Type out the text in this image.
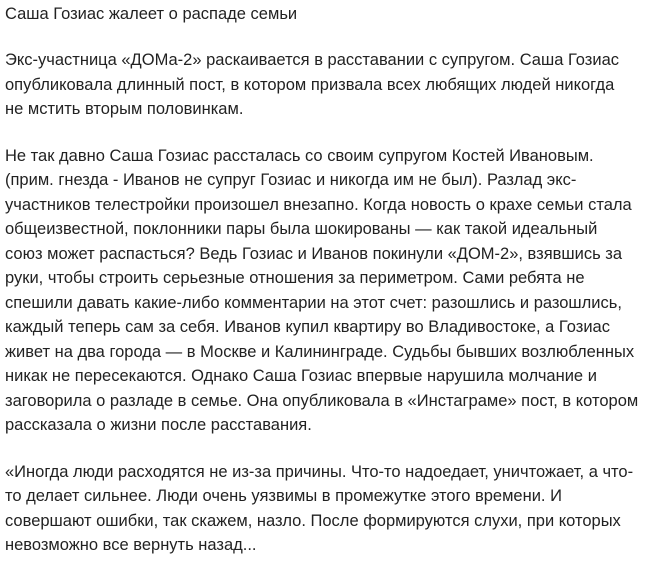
Саша Гозиас жалеет о распаде семьи

Экс-участница «ДОМа-2» раскаивается в расставании с супругом. Саша Гозиас
опубликовала длинный пост, в котором призвала всех любящих людей никогда
не мстить вторым половинкам.

Не так давно Саша Гозиас рассталась со своим супругом Костей Ивановым.
(прим. гнезда - Иванов не супруг Гозиас и никогда им не был). Разлад экс-
участников телестройки произошел внезапно. Когда новость о крахе семьи стала
общеизвестной, поклонники пары была шокированы — как такой идеальный
союз может распасться? Ведь Гозиас и Иванов покинули «ДОМ-2», взявшись за
руки, чтобы строить серьезные отношения за периметром. Сами ребята не
спешили давать какие-либо комментарии на этот счет: разошлись и разошлись,
каждый теперь сам за себя. Иванов купил квартиру во Владивостоке, а Гозиас
живет на два города — в Москве и Калининграде. Судьбы бывших возлюбленных
никак не пересекаются. Однако Саша Гозиас впервые нарушила молчание и
заговорила о разладе в семье. Она опубликовала в «Инстаграме» пост, в котором
рассказала о жизни после расставания.

«Иногда люди расходятся не из-за причины. Что-то надоедает, уничтожает, а что-
то делает сильнее. Люди очень уязвимы в промежутке этого времени. И
совершают ошибки, так скажем, назло. После формируются слухи, при которых
невозможно все вернуть назад...
